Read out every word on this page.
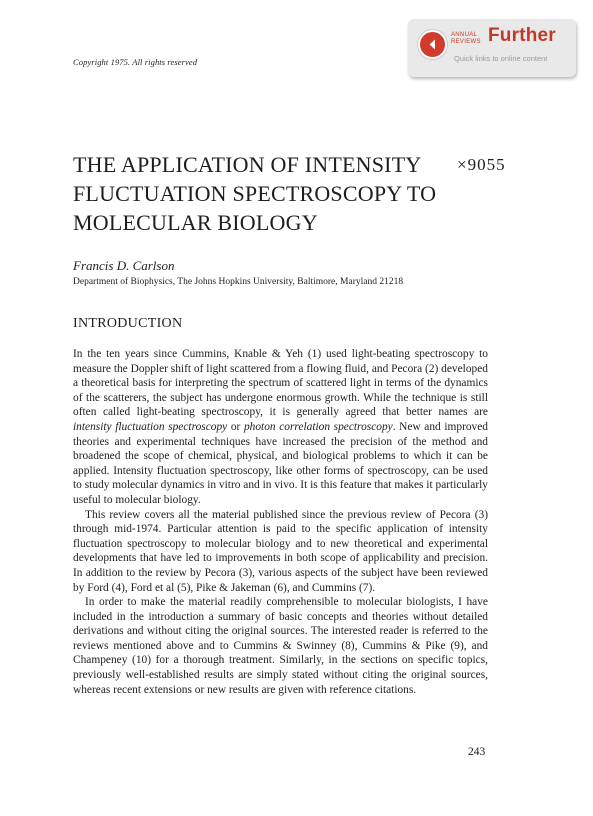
Copyright 1975. All rights reserved
ANNUAL
REVIEWS Further
Quick links to online content
THE APPLICATION OF INTENSITY FLUCTUATION SPECTROSCOPY TO MOLECULAR BIOLOGY
×9055
Francis D. Carlson
Department of Biophysics, The Johns Hopkins University, Baltimore, Maryland 21218
INTRODUCTION

In the ten years since Cummins, Knable & Yeh (1) used light-beating spectroscopy to measure the Doppler shift of light scattered from a flowing fluid, and Pecora (2) developed a theoretical basis for interpreting the spectrum of scattered light in terms of the dynamics of the scatterers, the subject has undergone enormous growth. While the technique is still often called light-beating spectroscopy, it is generally agreed that better names are intensity fluctuation spectroscopy or photon correlation spectroscopy. New and improved theories and experimental techniques have increased the precision of the method and broadened the scope of chemical, physical, and biological problems to which it can be applied. Intensity fluctuation spectroscopy, like other forms of spectroscopy, can be used to study molecular dynamics in vitro and in vivo. It is this feature that makes it particularly useful to molecular biology.

This review covers all the material published since the previous review of Pecora (3) through mid-1974. Particular attention is paid to the specific application of intensity fluctuation spectroscopy to molecular biology and to new theoretical and experimental developments that have led to improvements in both scope of applicability and precision. In addition to the review by Pecora (3), various aspects of the subject have been reviewed by Ford (4), Ford et al (5), Pike & Jakeman (6), and Cummins (7).

In order to make the material readily comprehensible to molecular biologists, I have included in the introduction a summary of basic concepts and theories without detailed derivations and without citing the original sources. The interested reader is referred to the reviews mentioned above and to Cummins & Swinney (8), Cummins & Pike (9), and Champeney (10) for a thorough treatment. Similarly, in the sections on specific topics, previously well-established results are simply stated without citing the original sources, whereas recent extensions or new results are given with reference citations.

243
